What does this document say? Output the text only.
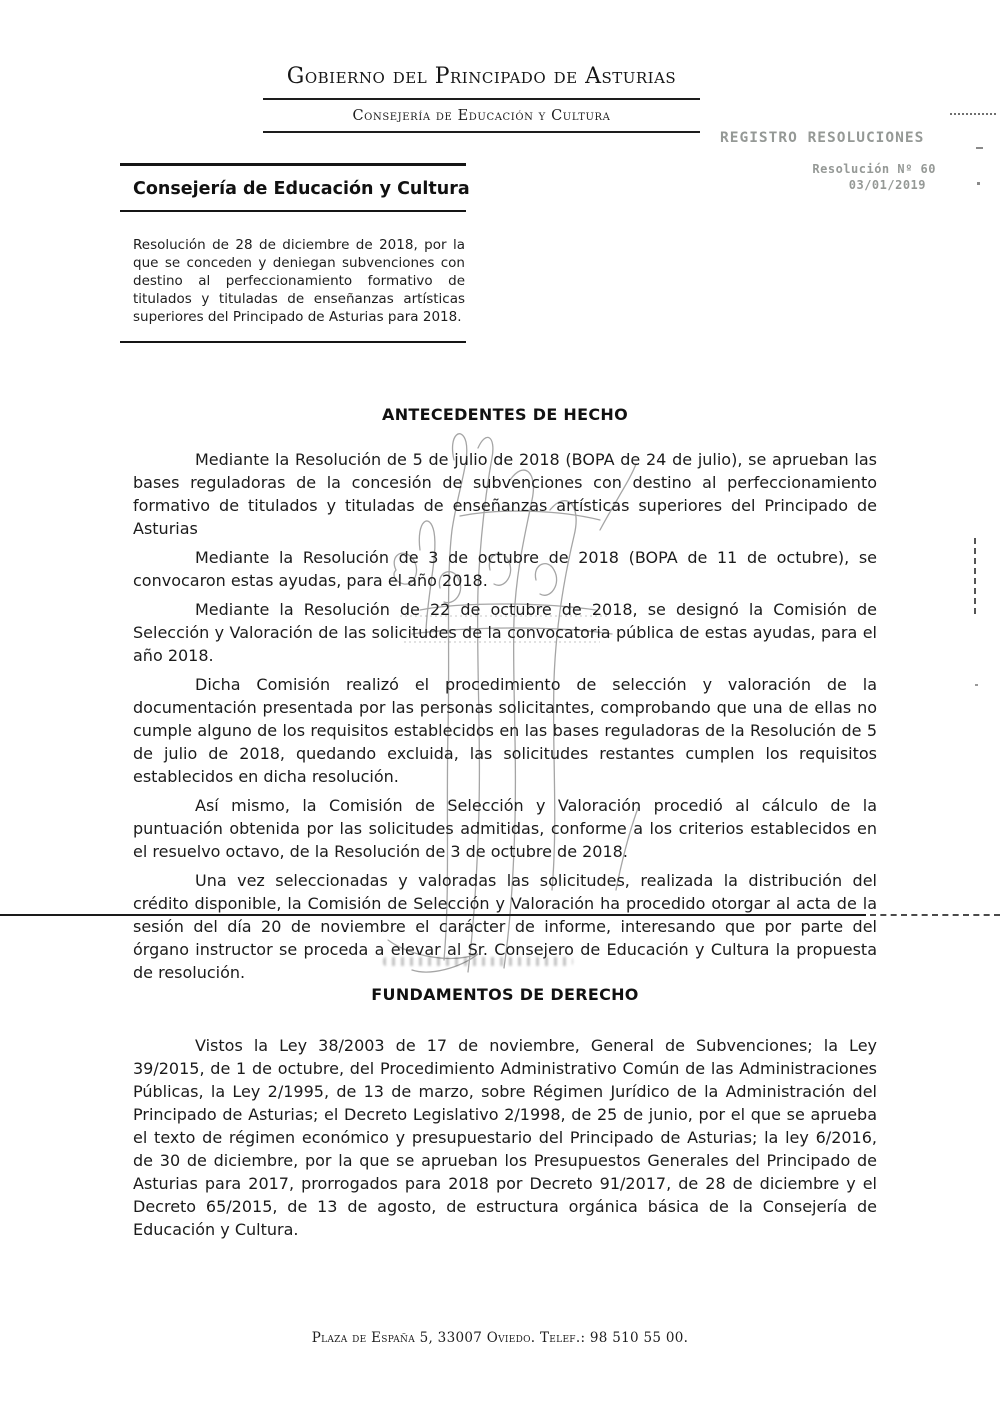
Gobierno del Principado de Asturias
Consejería de Educación y Cultura
REGISTRO RESOLUCIONES
Resolución Nº 60
03/01/2019
Consejería de Educación y Cultura

Resolución de 28 de diciembre de 2018, por la que se conceden y deniegan subvenciones con destino al perfeccionamiento formativo de titulados y tituladas de enseñanzas artísticas superiores del Principado de Asturias para 2018.

ANTECEDENTES DE HECHO

Mediante la Resolución de 5 de julio de 2018 (BOPA de 24 de julio), se aprueban las bases reguladoras de la concesión de subvenciones con destino al perfeccionamiento formativo de titulados y tituladas de enseñanzas artísticas superiores del Principado de Asturias

Mediante la Resolución de 3 de octubre de 2018 (BOPA de 11 de octubre), se convocaron estas ayudas, para el año 2018.

Mediante la Resolución de 22 de octubre de 2018, se designó la Comisión de Selección y Valoración de las solicitudes de la convocatoria pública de estas ayudas, para el año 2018.

Dicha Comisión realizó el procedimiento de selección y valoración de la documentación presentada por las personas solicitantes, comprobando que una de ellas no cumple alguno de los requisitos establecidos en las bases reguladoras de la Resolución de 5 de julio de 2018, quedando excluida, las solicitudes restantes cumplen los requisitos establecidos en dicha resolución.

Así mismo, la Comisión de Selección y Valoración procedió al cálculo de la puntuación obtenida por las solicitudes admitidas, conforme a los criterios establecidos en el resuelvo octavo, de la Resolución de 3 de octubre de 2018.

Una vez seleccionadas y valoradas las solicitudes, realizada la distribución del crédito disponible, la Comisión de Selección y Valoración ha procedido otorgar al acta de la sesión del día 20 de noviembre el carácter de informe, interesando que por parte del órgano instructor se proceda a elevar al Sr. Consejero de Educación y Cultura la propuesta de resolución.

FUNDAMENTOS DE DERECHO

Vistos la Ley 38/2003 de 17 de noviembre, General de Subvenciones; la Ley 39/2015, de 1 de octubre, del Procedimiento Administrativo Común de las Administraciones Públicas, la Ley 2/1995, de 13 de marzo, sobre Régimen Jurídico de la Administración del Principado de Asturias; el Decreto Legislativo 2/1998, de 25 de junio, por el que se aprueba el texto de régimen económico y presupuestario del Principado de Asturias; la ley 6/2016, de 30 de diciembre, por la que se aprueban los Presupuestos Generales del Principado de Asturias para 2017, prorrogados para 2018 por Decreto 91/2017, de 28 de diciembre y el Decreto 65/2015, de 13 de agosto, de estructura orgánica básica de la Consejería de Educación y Cultura.

Plaza de España 5, 33007 Oviedo. Telef.: 98 510 55 00.
